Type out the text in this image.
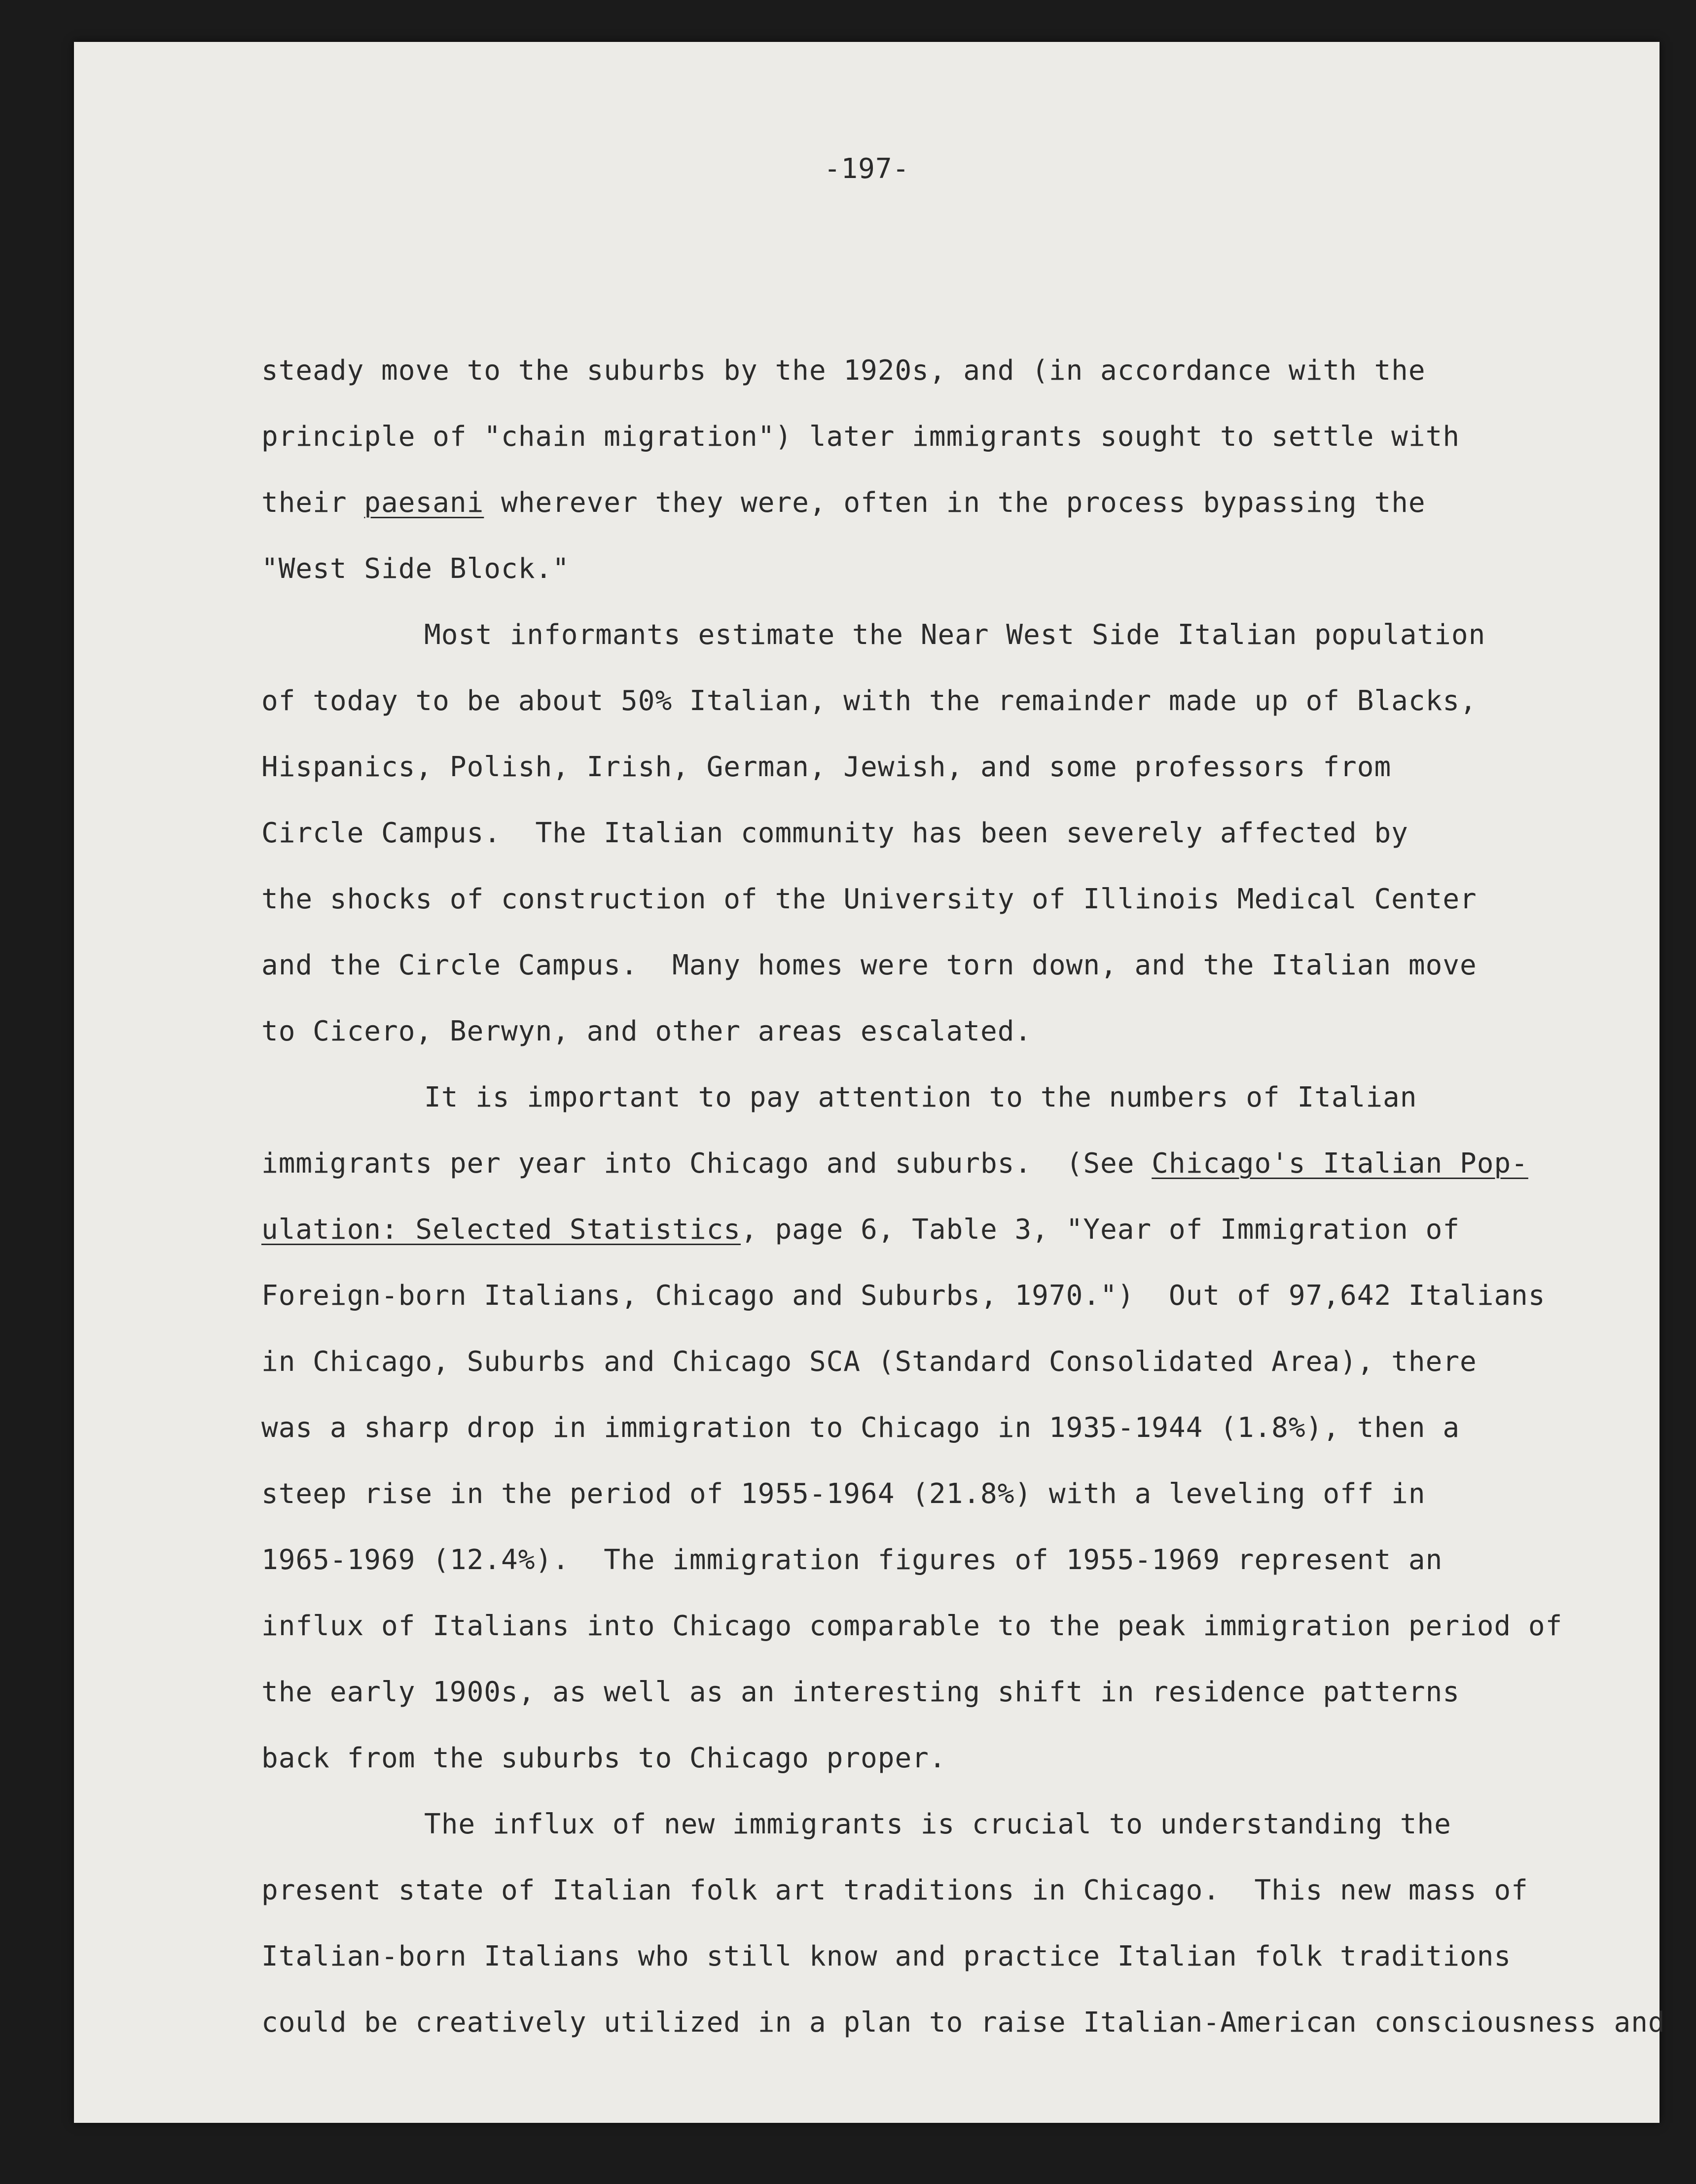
-197-
steady move to the suburbs by the 1920s, and (in accordance with the
principle of "chain migration") later immigrants sought to settle with
their paesani wherever they were, often in the process bypassing the
"West Side Block."
Most informants estimate the Near West Side Italian population
of today to be about 50% Italian, with the remainder made up of Blacks,
Hispanics, Polish, Irish, German, Jewish, and some professors from
Circle Campus.  The Italian community has been severely affected by
the shocks of construction of the University of Illinois Medical Center
and the Circle Campus.  Many homes were torn down, and the Italian move
to Cicero, Berwyn, and other areas escalated.
It is important to pay attention to the numbers of Italian
immigrants per year into Chicago and suburbs.  (See Chicago's Italian Pop-
ulation: Selected Statistics, page 6, Table 3, "Year of Immigration of
Foreign-born Italians, Chicago and Suburbs, 1970.")  Out of 97,642 Italians
in Chicago, Suburbs and Chicago SCA (Standard Consolidated Area), there
was a sharp drop in immigration to Chicago in 1935-1944 (1.8%), then a
steep rise in the period of 1955-1964 (21.8%) with a leveling off in
1965-1969 (12.4%).  The immigration figures of 1955-1969 represent an
influx of Italians into Chicago comparable to the peak immigration period of
the early 1900s, as well as an interesting shift in residence patterns
back from the suburbs to Chicago proper.
The influx of new immigrants is crucial to understanding the
present state of Italian folk art traditions in Chicago.  This new mass of
Italian-born Italians who still know and practice Italian folk traditions
could be creatively utilized in a plan to raise Italian-American consciousness and
